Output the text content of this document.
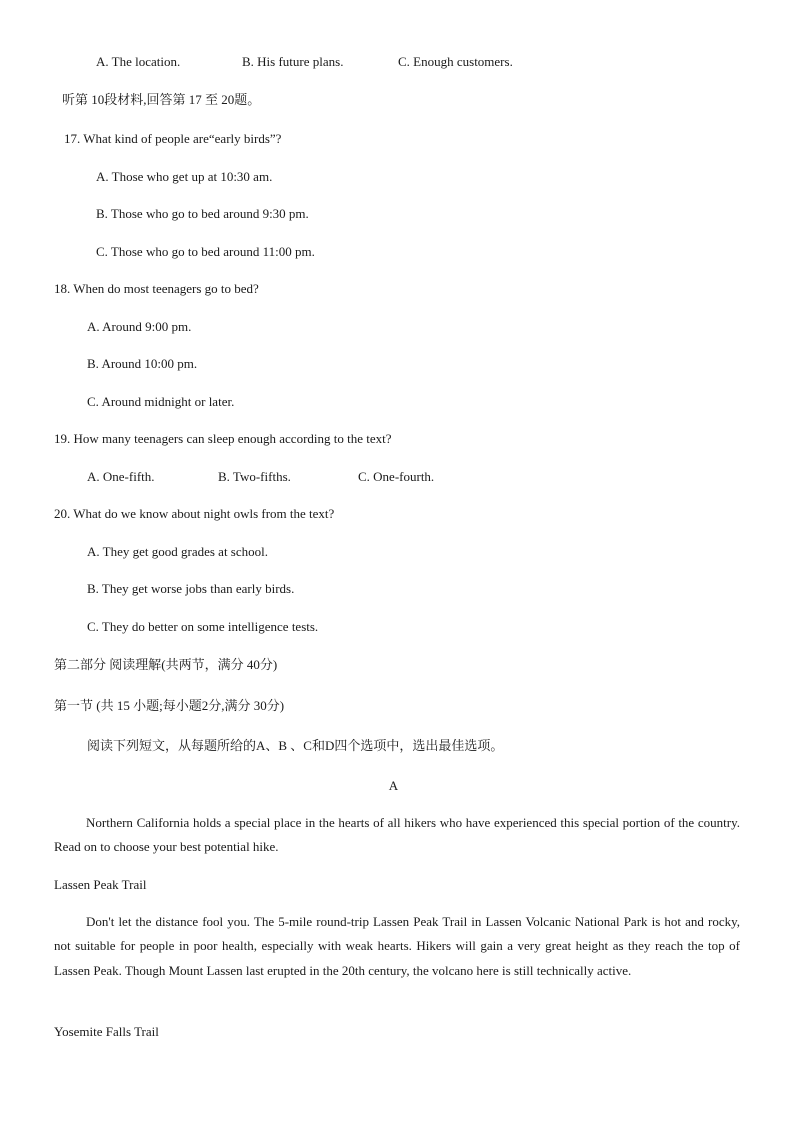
A. The location.	B. His future plans.	C. Enough customers.
听第 10段材料,回答第 17 至 20题。
17. What kind of people are“early birds”?
A. Those who get up at 10:30 am.
B. Those who go to bed around 9:30 pm.
C. Those who go to bed around 11:00 pm.
18. When do most teenagers go to bed?
A. Around 9:00 pm.
B. Around 10:00 pm.
C. Around midnight or later.
19. How many teenagers can sleep enough according to the text?
A. One-fifth.	B. Two-fifths.	C. One-fourth.
20. What do we know about night owls from the text?
A. They get good grades at school.
B. They get worse jobs than early birds.
C. They do better on some intelligence tests.
第二部分 阅读理解(共两节，满分 40分)
第一节 (共 15 小题;每小题2分,满分 30分)
阅读下列短文，从每题所给的A、B 、C和D四个选项中，选出最佳选项。
A
Northern California holds a special place in the hearts of all hikers who have experienced this special portion of the country. Read on to choose your best potential hike.
Lassen Peak Trail
Don't let the distance fool you. The 5-mile round-trip Lassen Peak Trail in Lassen Volcanic National Park is hot and rocky, not suitable for people in poor health, especially with weak hearts. Hikers will gain a very great height as they reach the top of Lassen Peak. Though Mount Lassen last erupted in the 20th century, the volcano here is still technically active.
Yosemite Falls Trail
